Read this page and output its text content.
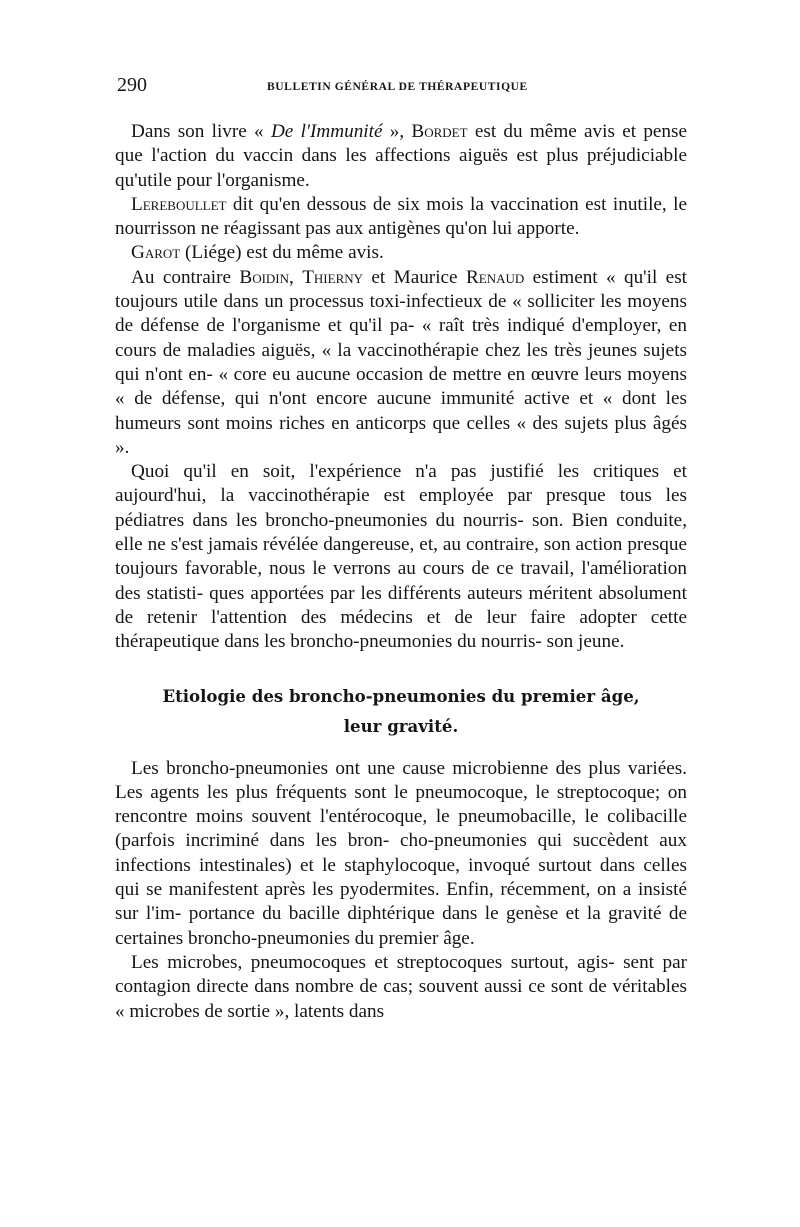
290	BULLETIN GÉNÉRAL DE THÉRAPEUTIQUE

Dans son livre « De l'Immunité », Bordet est du même avis et pense que l'action du vaccin dans les affections aiguës est plus préjudiciable qu'utile pour l'organisme.

Lereboullet dit qu'en dessous de six mois la vaccination est inutile, le nourrisson ne réagissant pas aux antigènes qu'on lui apporte.

Garot (Liége) est du même avis.

Au contraire Boidin, Thierny et Maurice Renaud estiment « qu'il est toujours utile dans un processus toxi-infectieux de « solliciter les moyens de défense de l'organisme et qu'il pa- « raît très indiqué d'employer, en cours de maladies aiguës, « la vaccinothérapie chez les très jeunes sujets qui n'ont en- « core eu aucune occasion de mettre en œuvre leurs moyens « de défense, qui n'ont encore aucune immunité active et « dont les humeurs sont moins riches en anticorps que celles « des sujets plus âgés ».

Quoi qu'il en soit, l'expérience n'a pas justifié les critiques et aujourd'hui, la vaccinothérapie est employée par presque tous les pédiatres dans les broncho-pneumonies du nourris- son. Bien conduite, elle ne s'est jamais révélée dangereuse, et, au contraire, son action presque toujours favorable, nous le verrons au cours de ce travail, l'amélioration des statisti- ques apportées par les différents auteurs méritent absolument de retenir l'attention des médecins et de leur faire adopter cette thérapeutique dans les broncho-pneumonies du nourris- son jeune.

Etiologie des broncho-pneumonies du premier âge,
leur gravité.

Les broncho-pneumonies ont une cause microbienne des plus variées. Les agents les plus fréquents sont le pneumocoque, le streptocoque; on rencontre moins souvent l'entérocoque, le pneumobacille, le colibacille (parfois incriminé dans les bron- cho-pneumonies qui succèdent aux infections intestinales) et le staphylocoque, invoqué surtout dans celles qui se manifestent après les pyodermites. Enfin, récemment, on a insisté sur l'im- portance du bacille diphtérique dans le genèse et la gravité de certaines broncho-pneumonies du premier âge.

Les microbes, pneumocoques et streptocoques surtout, agis- sent par contagion directe dans nombre de cas; souvent aussi ce sont de véritables « microbes de sortie », latents dans
